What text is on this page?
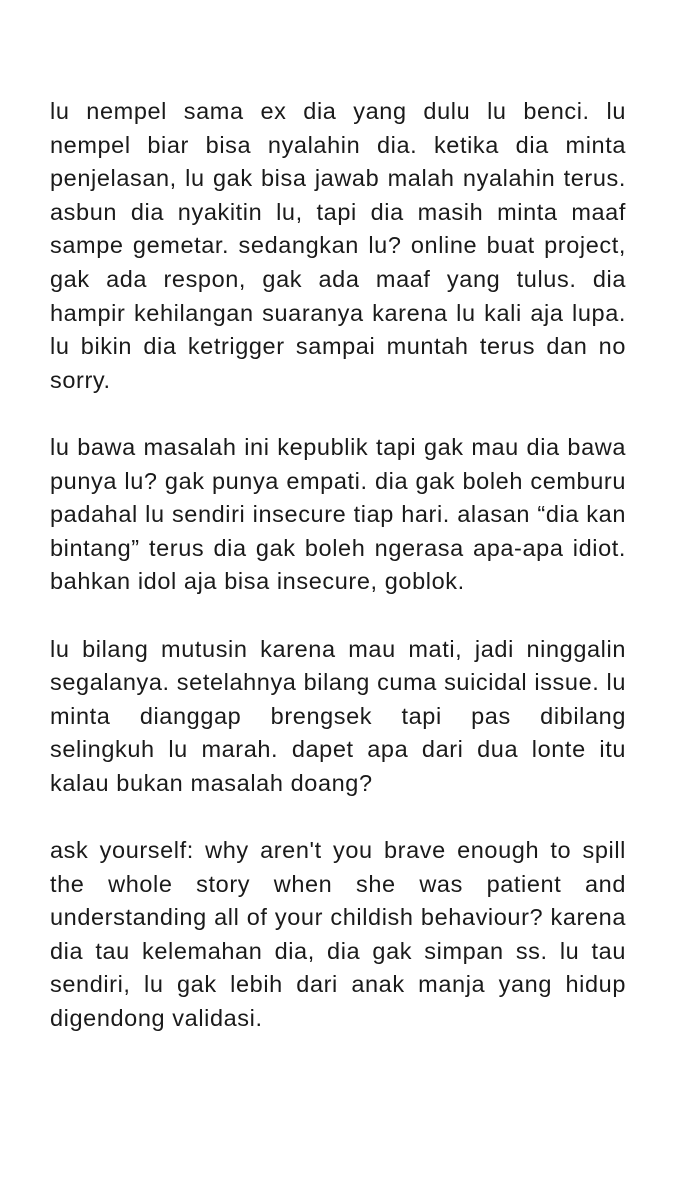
lu nempel sama ex dia yang dulu lu benci. lu nempel biar bisa nyalahin dia. ketika dia minta penjelasan, lu gak bisa jawab malah nyalahin terus. asbun dia nyakitin lu, tapi dia masih minta maaf sampe gemetar. sedangkan lu? online buat project, gak ada respon, gak ada maaf yang tulus. dia hampir kehilangan suaranya karena lu kali aja lupa. lu bikin dia ketrigger sampai muntah terus dan no sorry.

lu bawa masalah ini kepublik tapi gak mau dia bawa punya lu? gak punya empati. dia gak boleh cemburu padahal lu sendiri insecure tiap hari. alasan “dia kan bintang” terus dia gak boleh ngerasa apa-apa idiot. bahkan idol aja bisa insecure, goblok.

lu bilang mutusin karena mau mati, jadi ninggalin segalanya. setelahnya bilang cuma suicidal issue. lu minta dianggap brengsek tapi pas dibilang selingkuh lu marah. dapet apa dari dua lonte itu kalau bukan masalah doang?

ask yourself: why aren't you brave enough to spill the whole story when she was patient and understanding all of your childish behaviour? karena dia tau kelemahan dia, dia gak simpan ss. lu tau sendiri, lu gak lebih dari anak manja yang hidup digendong validasi.
